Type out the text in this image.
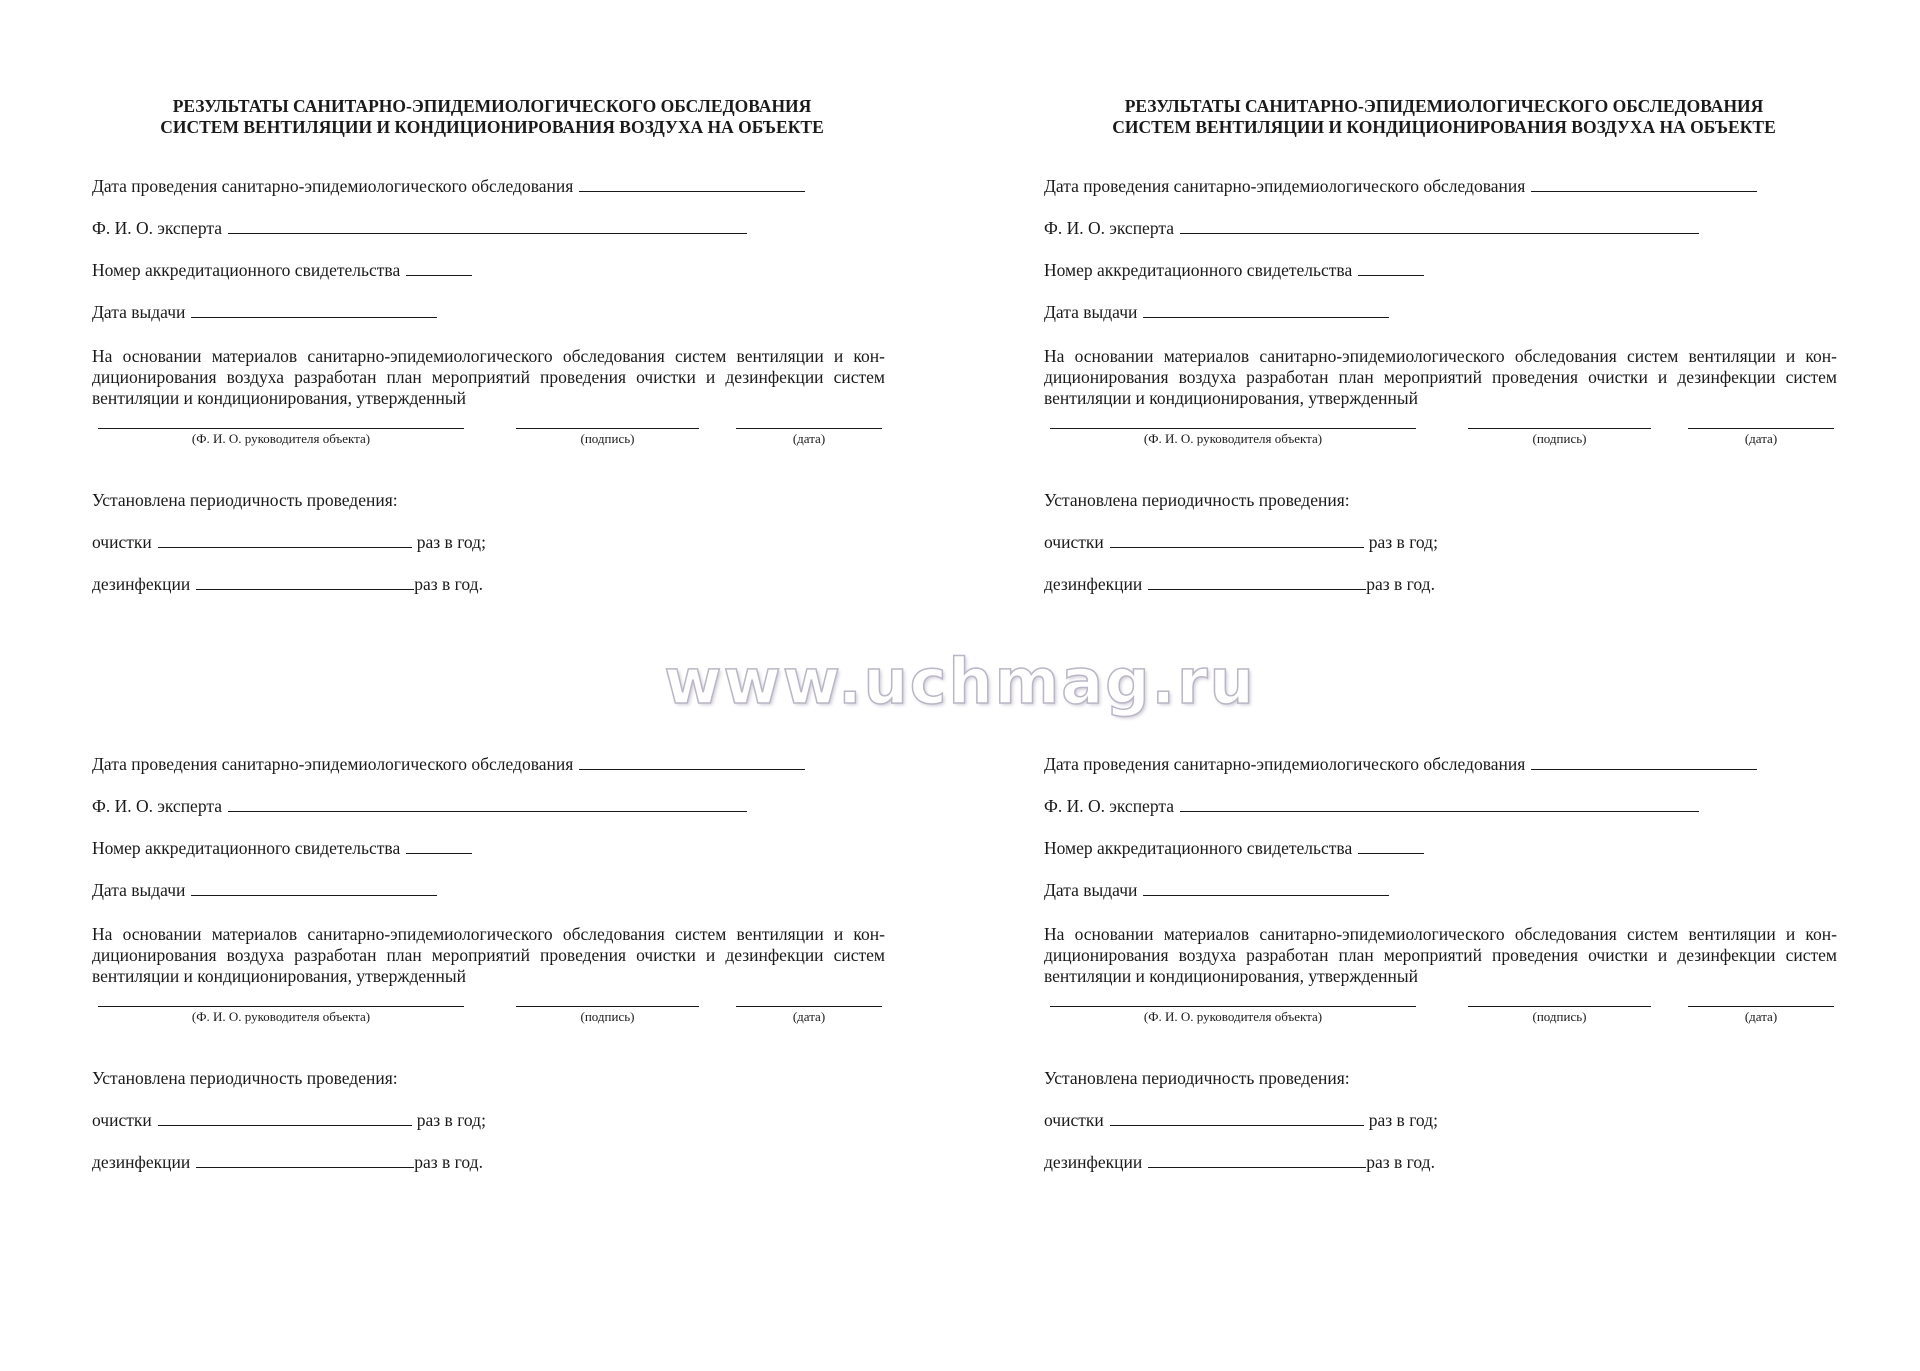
РЕЗУЛЬТАТЫ САНИТАРНО-ЭПИДЕМИОЛОГИЧЕСКОГО ОБСЛЕДОВАНИЯ
СИСТЕМ ВЕНТИЛЯЦИИ И КОНДИЦИОНИРОВАНИЯ ВОЗДУХА НА ОБЪЕКТЕ
Дата проведения санитарно-эпидемиологического обследования
Ф. И. О. эксперта
Номер аккредитационного свидетельства
Дата выдачи
На основании материалов санитарно-эпидемиологического обследования систем вентиляции и кон-
диционирования воздуха разработан план мероприятий проведения очистки и дезинфекции систем
вентиляции и кондиционирования, утвержденный
(Ф. И. О. руководителя объекта)	(подпись)	(дата)
Установлена периодичность проведения:
очистки	раз в год;
дезинфекции	раз в год.
РЕЗУЛЬТАТЫ САНИТАРНО-ЭПИДЕМИОЛОГИЧЕСКОГО ОБСЛЕДОВАНИЯ
СИСТЕМ ВЕНТИЛЯЦИИ И КОНДИЦИОНИРОВАНИЯ ВОЗДУХА НА ОБЪЕКТЕ
Дата проведения санитарно-эпидемиологического обследования
Ф. И. О. эксперта
Номер аккредитационного свидетельства
Дата выдачи
На основании материалов санитарно-эпидемиологического обследования систем вентиляции и кон-
диционирования воздуха разработан план мероприятий проведения очистки и дезинфекции систем
вентиляции и кондиционирования, утвержденный
(Ф. И. О. руководителя объекта)	(подпись)	(дата)
Установлена периодичность проведения:
очистки	раз в год;
дезинфекции	раз в год.
Дата проведения санитарно-эпидемиологического обследования
Ф. И. О. эксперта
Номер аккредитационного свидетельства
Дата выдачи
На основании материалов санитарно-эпидемиологического обследования систем вентиляции и кон-
диционирования воздуха разработан план мероприятий проведения очистки и дезинфекции систем
вентиляции и кондиционирования, утвержденный
(Ф. И. О. руководителя объекта)	(подпись)	(дата)
Установлена периодичность проведения:
очистки	раз в год;
дезинфекции	раз в год.
Дата проведения санитарно-эпидемиологического обследования
Ф. И. О. эксперта
Номер аккредитационного свидетельства
Дата выдачи
На основании материалов санитарно-эпидемиологического обследования систем вентиляции и кон-
диционирования воздуха разработан план мероприятий проведения очистки и дезинфекции систем
вентиляции и кондиционирования, утвержденный
(Ф. И. О. руководителя объекта)	(подпись)	(дата)
Установлена периодичность проведения:
очистки	раз в год;
дезинфекции	раз в год.
www.uchmag.ru
